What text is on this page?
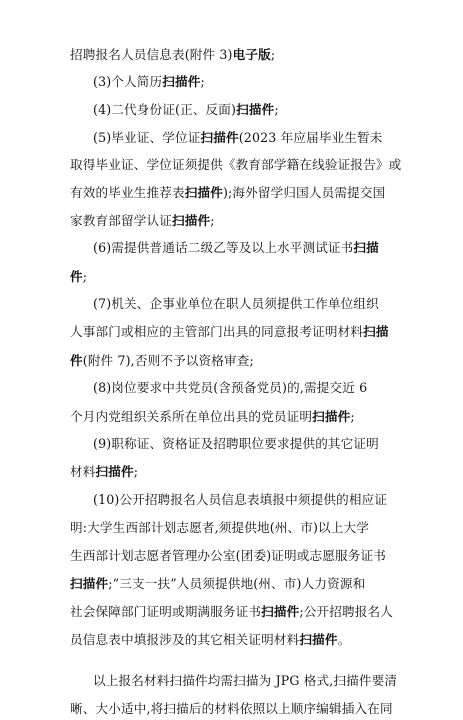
招聘报名人员信息表(附件 3)电子版;
(3)个人简历扫描件;
(4)二代身份证(正、反面)扫描件;
(5)毕业证、学位证扫描件(2023 年应届毕业生暂未
取得毕业证、学位证须提供《教育部学籍在线验证报告》或
有效的毕业生推荐表扫描件);海外留学归国人员需提交国
家教育部留学认证扫描件;
(6)需提供普通话二级乙等及以上水平测试证书扫描
件;
(7)机关、企事业单位在职人员须提供工作单位组织
人事部门或相应的主管部门出具的同意报考证明材料扫描
件(附件 7),否则不予以资格审查;
(8)岗位要求中共党员(含预备党员)的,需提交近 6
个月内党组织关系所在单位出具的党员证明扫描件;
(9)职称证、资格证及招聘职位要求提供的其它证明
材料扫描件;
(10)公开招聘报名人员信息表填报中须提供的相应证
明:大学生西部计划志愿者,须提供地(州、市)以上大学
生西部计划志愿者管理办公室(团委)证明或志愿服务证书
扫描件;“三支一扶”人员须提供地(州、市)人力资源和
社会保障部门证明或期满服务证书扫描件;公开招聘报名人
员信息表中填报涉及的其它相关证明材料扫描件。
以上报名材料扫描件均需扫描为 JPG 格式,扫描件要清
晰、大小适中,将扫描后的材料依照以上顺序编辑插入在同
